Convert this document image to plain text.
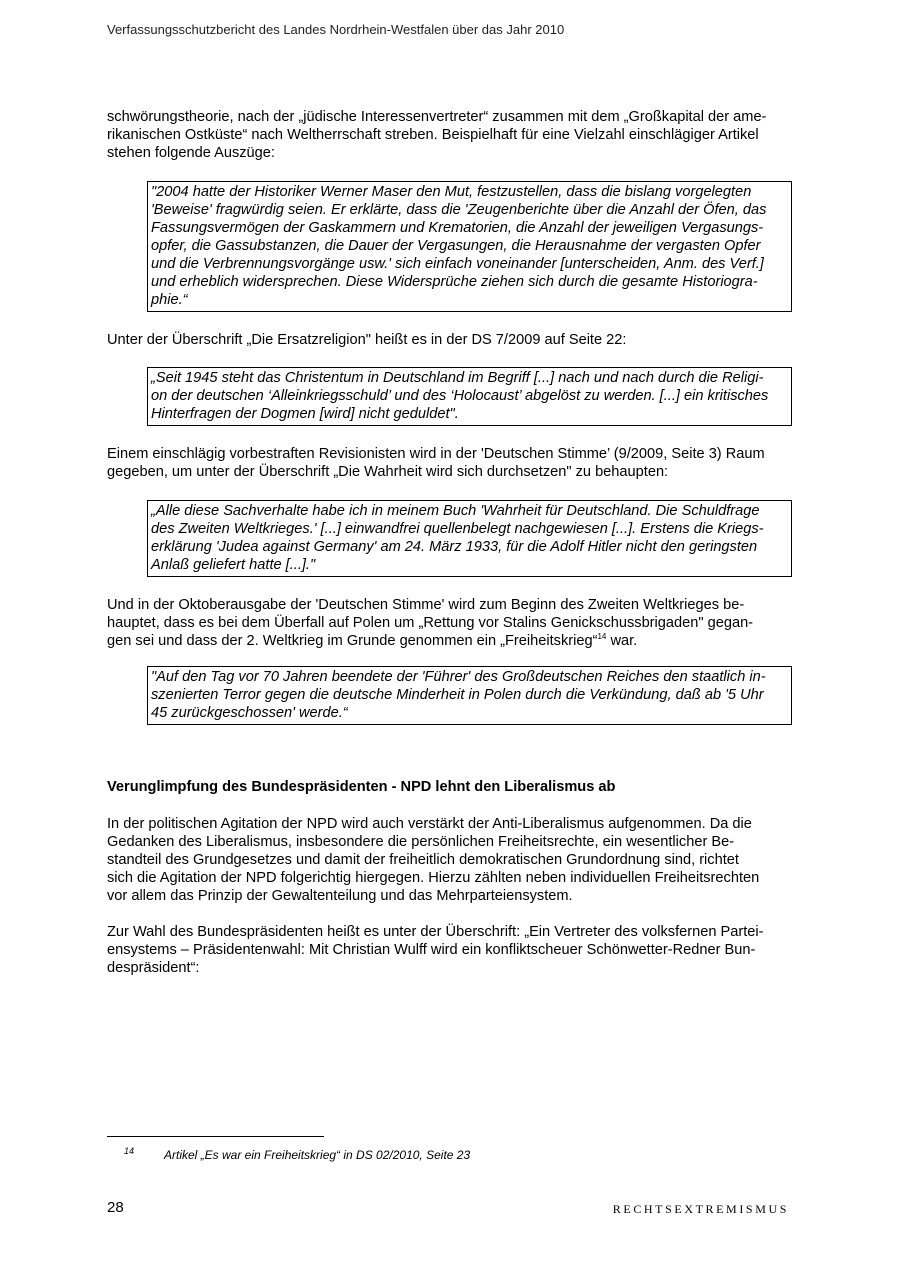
Verfassungsschutzbericht des Landes Nordrhein-Westfalen über das Jahr 2010
schwörungstheorie, nach der „jüdische Interessenvertreter“ zusammen mit dem „Großkapital der ame-
rikanischen Ostküste“ nach Weltherrschaft streben. Beispielhaft für eine Vielzahl einschlägiger Artikel
stehen folgende Auszüge:
"2004 hatte der Historiker Werner Maser den Mut, festzustellen, dass die bislang vorgelegten
'Beweise' fragwürdig seien. Er erklärte, dass die 'Zeugenberichte über die Anzahl der Öfen, das
Fassungsvermögen der Gaskammern und Krematorien, die Anzahl der jeweiligen Vergasungs-
opfer, die Gassubstanzen, die Dauer der Vergasungen, die Herausnahme der vergasten Opfer
und die Verbrennungsvorgänge usw.' sich einfach voneinander [unterscheiden, Anm. des Verf.]
und erheblich widersprechen. Diese Widersprüche ziehen sich durch die gesamte Historiogra-
phie.“
Unter der Überschrift „Die Ersatzreligion" heißt es in der DS 7/2009 auf Seite 22:
„Seit 1945 steht das Christentum in Deutschland im Begriff [...] nach und nach durch die Religi-
on der deutschen ‘Alleinkriegsschuld’ und des ‘Holocaust’ abgelöst zu werden. [...] ein kritisches
Hinterfragen der Dogmen [wird] nicht geduldet".
Einem einschlägig vorbestraften Revisionisten wird in der 'Deutschen Stimme’ (9/2009, Seite 3) Raum
gegeben, um unter der Überschrift „Die Wahrheit wird sich durchsetzen" zu behaupten:
„Alle diese Sachverhalte habe ich in meinem Buch 'Wahrheit für Deutschland. Die Schuldfrage
des Zweiten Weltkrieges.' [...] einwandfrei quellenbelegt nachgewiesen [...]. Erstens die Kriegs-
erklärung 'Judea against Germany' am 24. März 1933, für die Adolf Hitler nicht den geringsten
Anlaß geliefert hatte [...]."
Und in der Oktoberausgabe der 'Deutschen Stimme' wird zum Beginn des Zweiten Weltkrieges be-
hauptet, dass es bei dem Überfall auf Polen um „Rettung vor Stalins Genickschussbrigaden" gegan-
gen sei und dass der 2. Weltkrieg im Grunde genommen ein „Freiheitskrieg“$^{14}$ war.
"Auf den Tag vor 70 Jahren beendete der 'Führer' des Großdeutschen Reiches den staatlich in-
szenierten Terror gegen die deutsche Minderheit in Polen durch die Verkündung, daß ab '5 Uhr
45 zurückgeschossen' werde.“
Verunglimpfung des Bundespräsidenten - NPD lehnt den Liberalismus ab
In der politischen Agitation der NPD wird auch verstärkt der Anti-Liberalismus aufgenommen. Da die
Gedanken des Liberalismus, insbesondere die persönlichen Freiheitsrechte, ein wesentlicher Be-
standteil des Grundgesetzes und damit der freiheitlich demokratischen Grundordnung sind, richtet
sich die Agitation der NPD folgerichtig hiergegen. Hierzu zählten neben individuellen Freiheitsrechten
vor allem das Prinzip der Gewaltenteilung und das Mehrparteiensystem.
Zur Wahl des Bundespräsidenten heißt es unter der Überschrift: „Ein Vertreter des volksfernen Partei-
ensystems – Präsidentenwahl: Mit Christian Wulff wird ein konfliktscheuer Schönwetter-Redner Bun-
despräsident“:
14 Artikel „Es war ein Freiheitskrieg“ in DS 02/2010, Seite 23
28	RECHTSEXTREMISMUS
